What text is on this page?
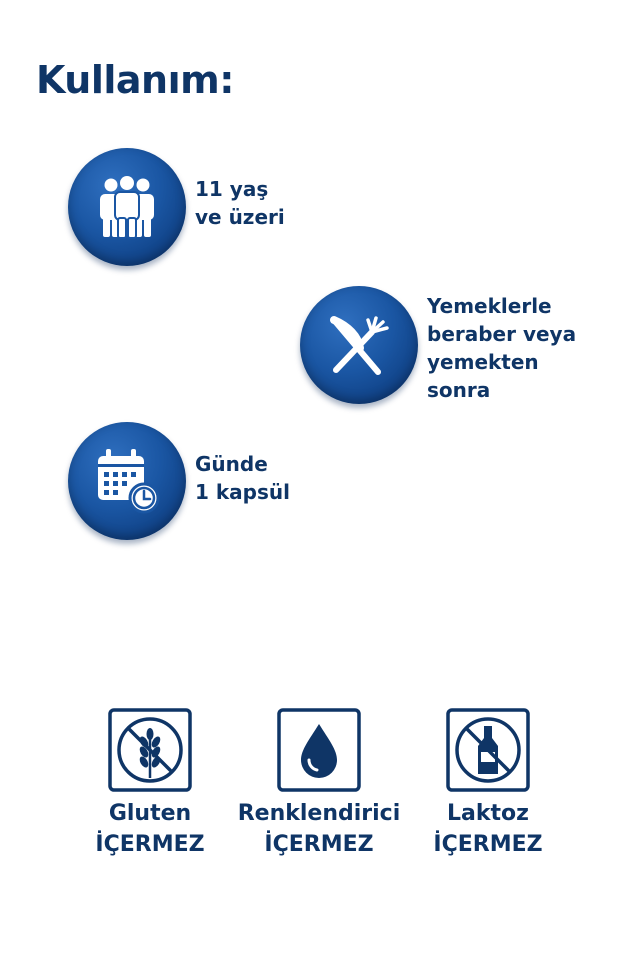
Kullanım:
11 yaş
ve üzeri
Yemeklerle
beraber veya
yemekten
sonra
Günde
1 kapsül
Gluten
İÇERMEZ
Renklendirici
İÇERMEZ
Laktoz
İÇERMEZ
